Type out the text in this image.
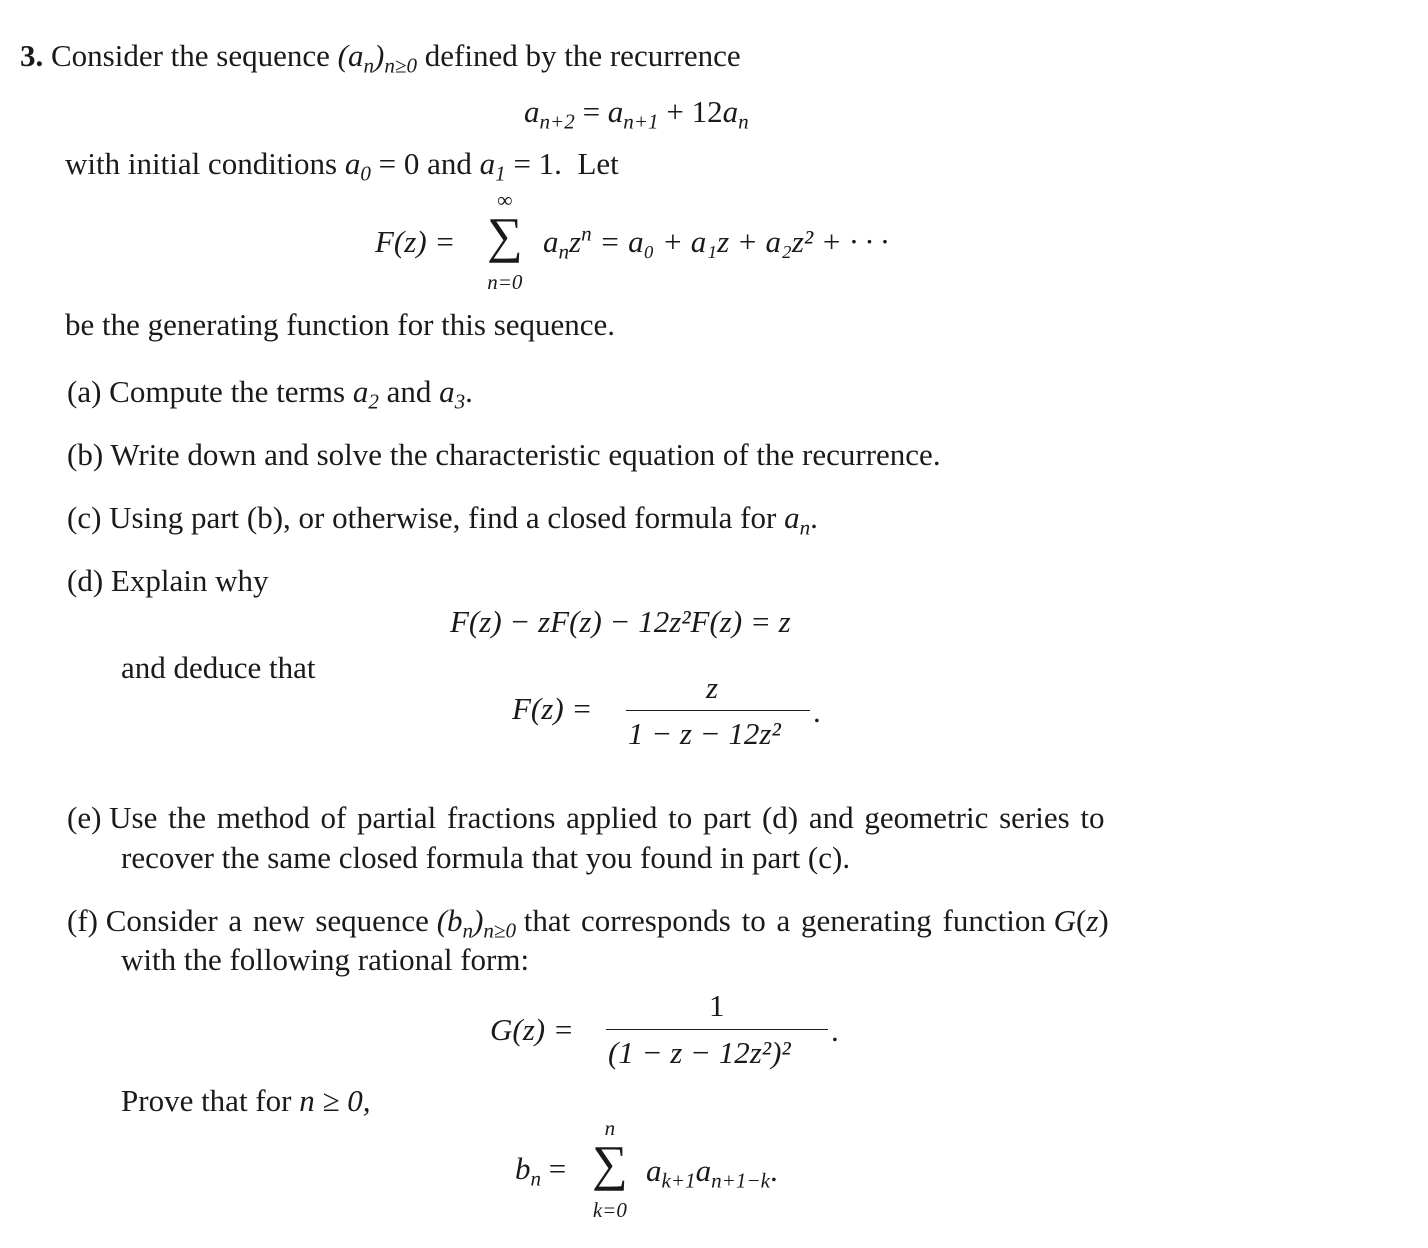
3. Consider the sequence $(a_n)_{n\ge 0}$ defined by the recurrence
$a_{n+2} = a_{n+1} + 12a_n$
with initial conditions $a_0 = 0$ and $a_1 = 1$. Let
F(z) =
∞
∑
n=0
$a_nz^n = a_0 + a_1z + a_2z^2$ + · · ·
be the generating function for this sequence.
(a) Compute the terms $a_2$ and $a_3$.
(b) Write down and solve the characteristic equation of the recurrence.
(c) Using part (b), or otherwise, find a closed formula for $a_n$.
(d) Explain why
F(z) − zF(z) − 12z²F(z) = z
and deduce that
F(z) =
z
1 − z − 12z²
.
(e) Use the method of partial fractions applied to part (d) and geometric series to
recover the same closed formula that you found in part (c).
(f) Consider a new sequence $(b_n)_{n\ge 0}$ that corresponds to a generating function G(z)
with the following rational form:
G(z) =
1
(1 − z − 12z²)²
.
Prove that for n ≥ 0,
$b_n$ =
n
∑
k=0
$a_{k+1}a_{n+1-k}$.
